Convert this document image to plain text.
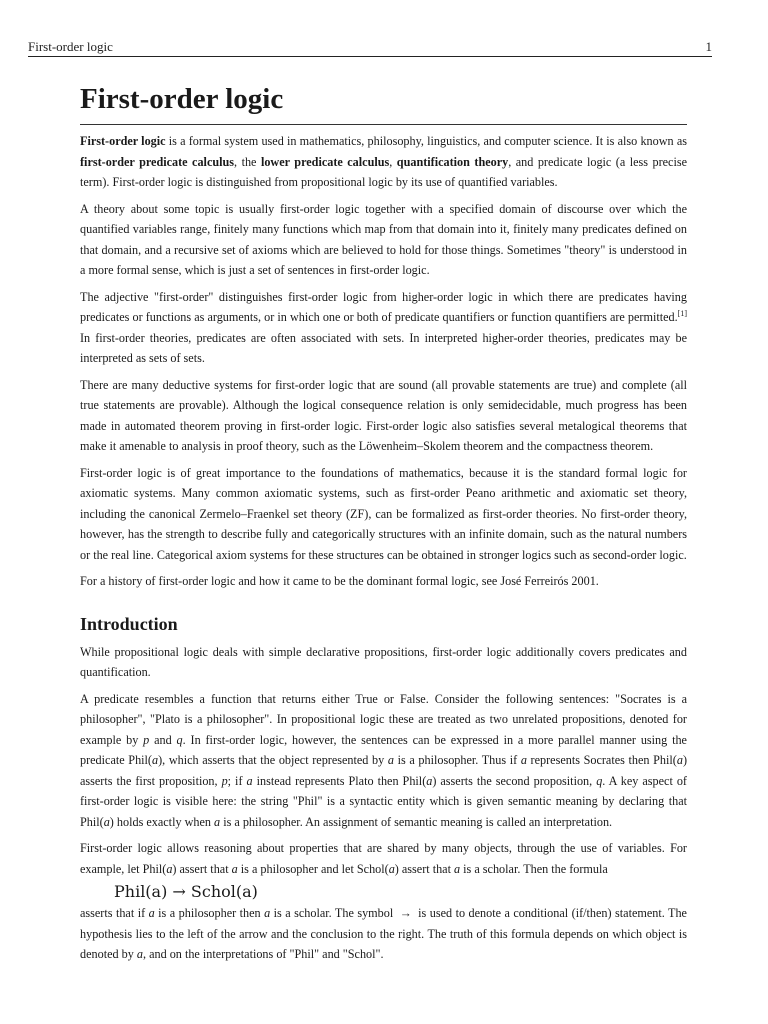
First-order logic	1
First-order logic

First-order logic is a formal system used in mathematics, philosophy, linguistics, and computer science. It is also known as first-order predicate calculus, the lower predicate calculus, quantification theory, and predicate logic (a less precise term). First-order logic is distinguished from propositional logic by its use of quantified variables.

A theory about some topic is usually first-order logic together with a specified domain of discourse over which the quantified variables range, finitely many functions which map from that domain into it, finitely many predicates defined on that domain, and a recursive set of axioms which are believed to hold for those things. Sometimes "theory" is understood in a more formal sense, which is just a set of sentences in first-order logic.

The adjective "first-order" distinguishes first-order logic from higher-order logic in which there are predicates having predicates or functions as arguments, or in which one or both of predicate quantifiers or function quantifiers are permitted.[1] In first-order theories, predicates are often associated with sets. In interpreted higher-order theories, predicates may be interpreted as sets of sets.

There are many deductive systems for first-order logic that are sound (all provable statements are true) and complete (all true statements are provable). Although the logical consequence relation is only semidecidable, much progress has been made in automated theorem proving in first-order logic. First-order logic also satisfies several metalogical theorems that make it amenable to analysis in proof theory, such as the Löwenheim–Skolem theorem and the compactness theorem.

First-order logic is of great importance to the foundations of mathematics, because it is the standard formal logic for axiomatic systems. Many common axiomatic systems, such as first-order Peano arithmetic and axiomatic set theory, including the canonical Zermelo–Fraenkel set theory (ZF), can be formalized as first-order theories. No first-order theory, however, has the strength to describe fully and categorically structures with an infinite domain, such as the natural numbers or the real line. Categorical axiom systems for these structures can be obtained in stronger logics such as second-order logic.

For a history of first-order logic and how it came to be the dominant formal logic, see José Ferreirós 2001.

Introduction

While propositional logic deals with simple declarative propositions, first-order logic additionally covers predicates and quantification.

A predicate resembles a function that returns either True or False. Consider the following sentences: "Socrates is a philosopher", "Plato is a philosopher". In propositional logic these are treated as two unrelated propositions, denoted for example by p and q. In first-order logic, however, the sentences can be expressed in a more parallel manner using the predicate Phil(a), which asserts that the object represented by a is a philosopher. Thus if a represents Socrates then Phil(a) asserts the first proposition, p; if a instead represents Plato then Phil(a) asserts the second proposition, q. A key aspect of first-order logic is visible here: the string "Phil" is a syntactic entity which is given semantic meaning by declaring that Phil(a) holds exactly when a is a philosopher. An assignment of semantic meaning is called an interpretation.

First-order logic allows reasoning about properties that are shared by many objects, through the use of variables. For example, let Phil(a) assert that a is a philosopher and let Schol(a) assert that a is a scholar. Then the formula

Phil(a) → Schol(a)

asserts that if a is a philosopher then a is a scholar. The symbol → is used to denote a conditional (if/then) statement. The hypothesis lies to the left of the arrow and the conclusion to the right. The truth of this formula depends on which object is denoted by a, and on the interpretations of "Phil" and "Schol".
